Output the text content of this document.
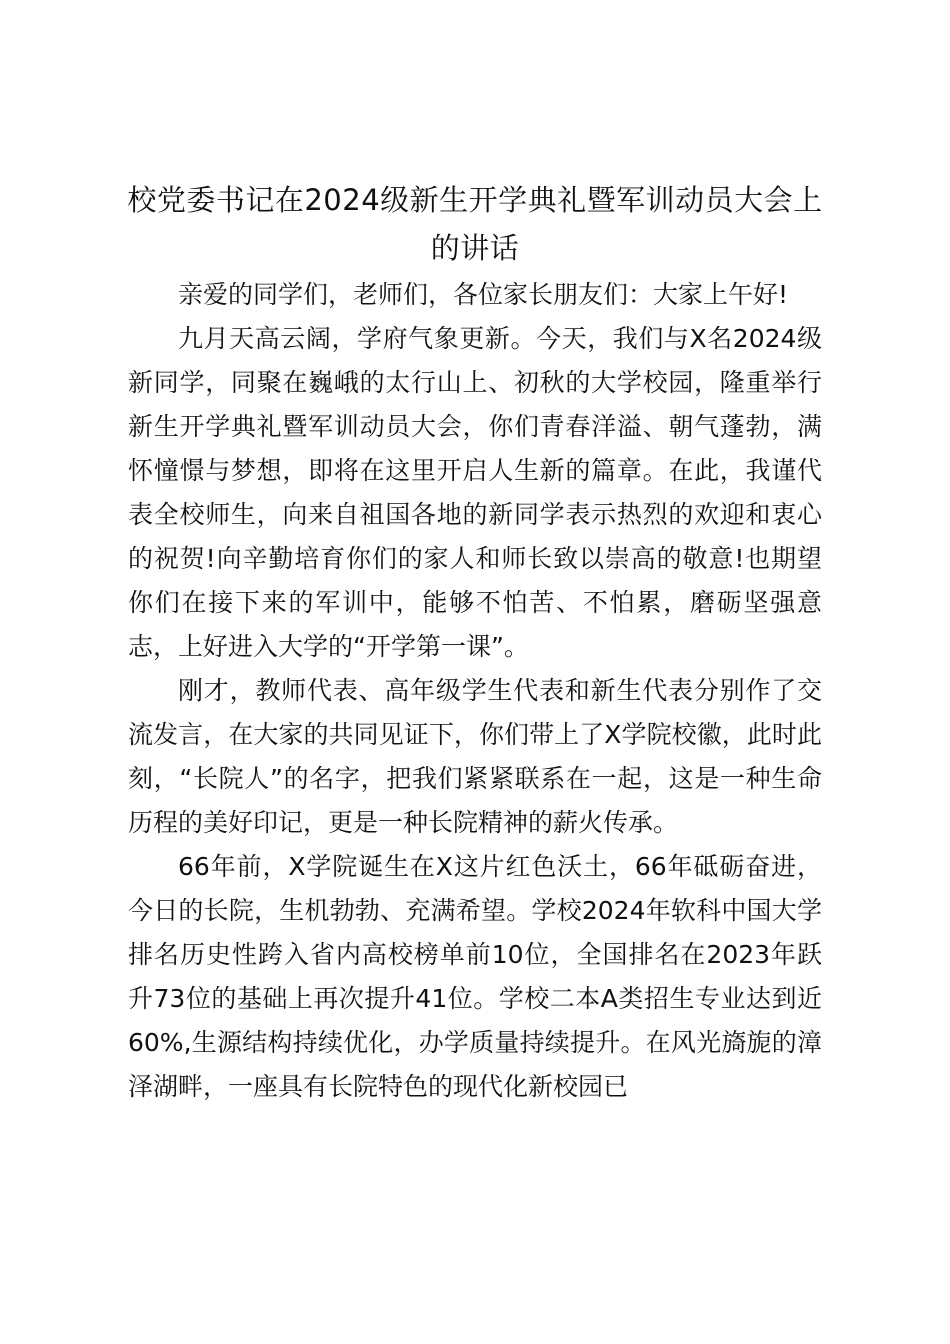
校党委书记在2024级新生开学典礼暨军训动员大会上的讲话

亲爱的同学们，老师们，各位家长朋友们：大家上午好!

九月天高云阔，学府气象更新。今天，我们与X名2024级新同学，同聚在巍峨的太行山上、初秋的大学校园，隆重举行新生开学典礼暨军训动员大会，你们青春洋溢、朝气蓬勃，满怀憧憬与梦想，即将在这里开启人生新的篇章。在此，我谨代表全校师生，向来自祖国各地的新同学表示热烈的欢迎和衷心的祝贺!向辛勤培育你们的家人和师长致以崇高的敬意!也期望你们在接下来的军训中，能够不怕苦、不怕累，磨砺坚强意志，上好进入大学的“开学第一课”。

刚才，教师代表、高年级学生代表和新生代表分别作了交流发言，在大家的共同见证下，你们带上了X学院校徽，此时此刻，“长院人”的名字，把我们紧紧联系在一起，这是一种生命历程的美好印记，更是一种长院精神的薪火传承。

66年前，X学院诞生在X这片红色沃土，66年砥砺奋进，今日的长院，生机勃勃、充满希望。学校2024年软科中国大学排名历史性跨入省内高校榜单前10位，全国排名在2023年跃升73位的基础上再次提升41位。学校二本A类招生专业达到近60%,生源结构持续优化，办学质量持续提升。在风光旖旎的漳泽湖畔，一座具有长院特色的现代化新校园已
